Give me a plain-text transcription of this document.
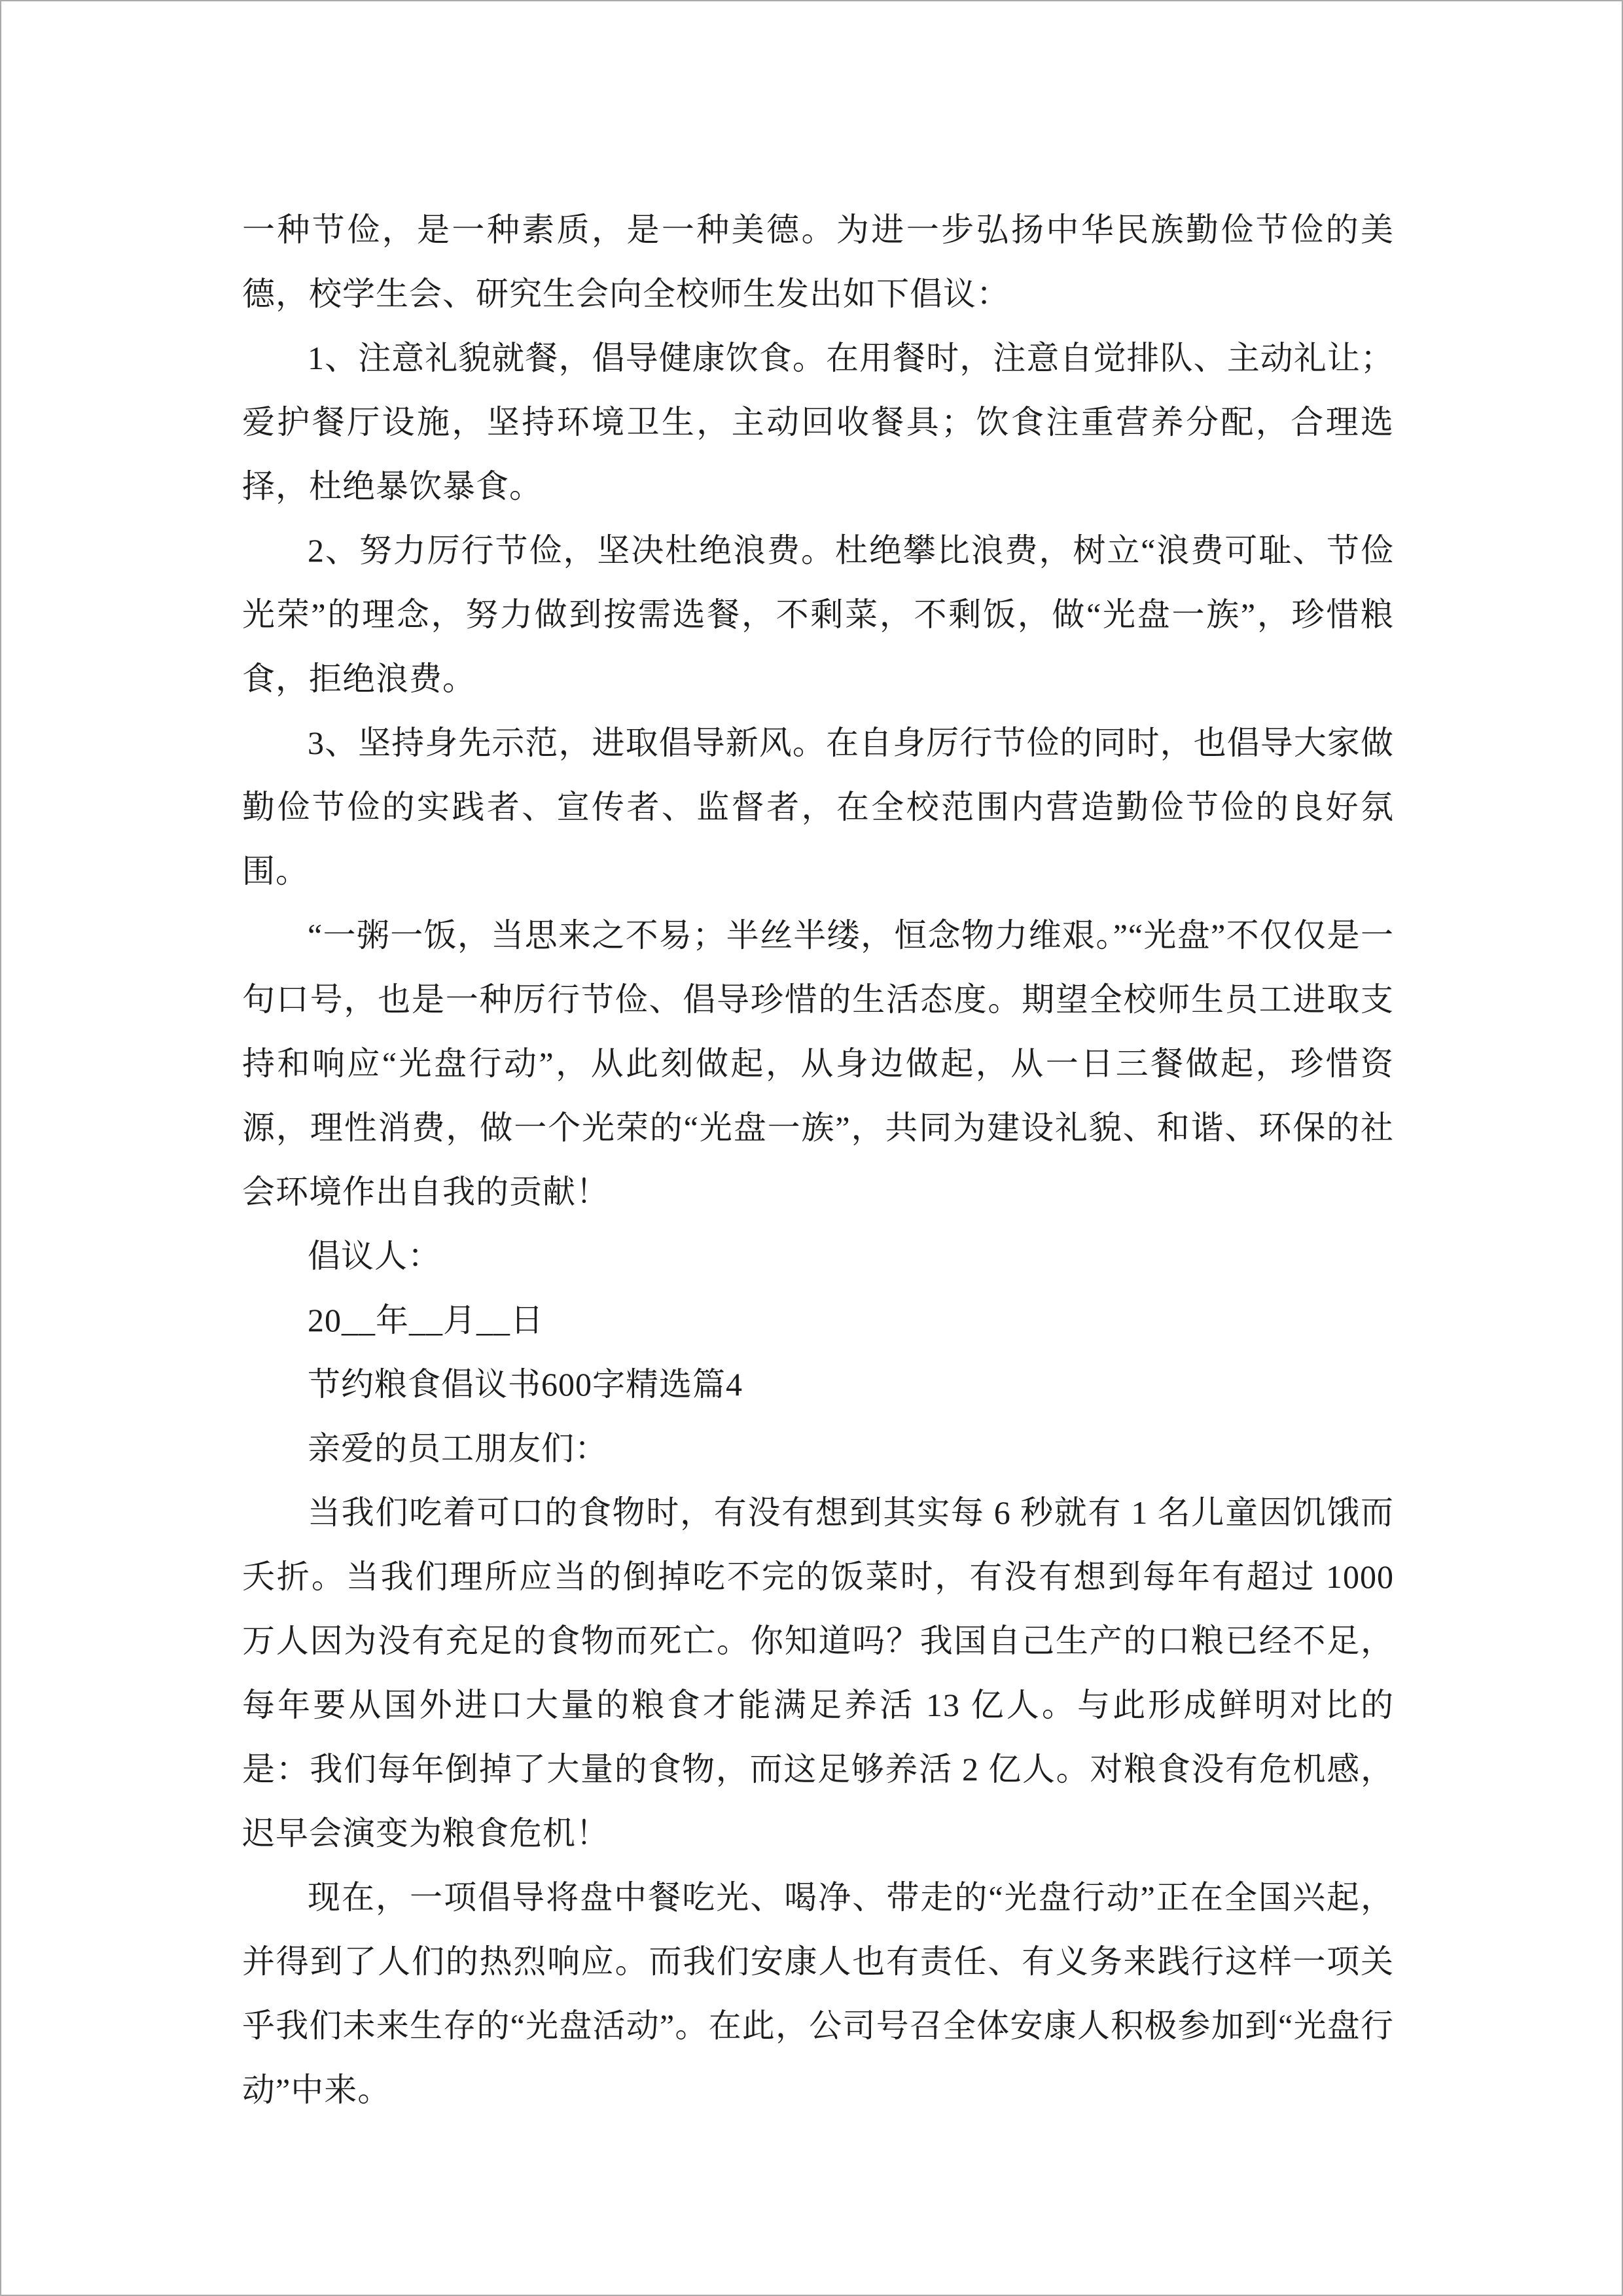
一种节俭，是一种素质，是一种美德。为进一步弘扬中华民族勤俭节俭的美德，校学生会、研究生会向全校师生发出如下倡议：

1、注意礼貌就餐，倡导健康饮食。在用餐时，注意自觉排队、主动礼让；爱护餐厅设施，坚持环境卫生，主动回收餐具；饮食注重营养分配，合理选择，杜绝暴饮暴食。

2、努力厉行节俭，坚决杜绝浪费。杜绝攀比浪费，树立“浪费可耻、节俭光荣”的理念，努力做到按需选餐，不剩菜，不剩饭，做“光盘一族”，珍惜粮食，拒绝浪费。

3、坚持身先示范，进取倡导新风。在自身厉行节俭的同时，也倡导大家做勤俭节俭的实践者、宣传者、监督者，在全校范围内营造勤俭节俭的良好氛围。

“一粥一饭，当思来之不易；半丝半缕，恒念物力维艰。”“光盘”不仅仅是一句口号，也是一种厉行节俭、倡导珍惜的生活态度。期望全校师生员工进取支持和响应“光盘行动”，从此刻做起，从身边做起，从一日三餐做起，珍惜资源，理性消费，做一个光荣的“光盘一族”，共同为建设礼貌、和谐、环保的社会环境作出自我的贡献！

倡议人：

20__年__月__日

节约粮食倡议书600字精选篇4

亲爱的员工朋友们：

当我们吃着可口的食物时，有没有想到其实每 6 秒就有 1 名儿童因饥饿而夭折。当我们理所应当的倒掉吃不完的饭菜时，有没有想到每年有超过 1000 万人因为没有充足的食物而死亡。你知道吗？我国自己生产的口粮已经不足，每年要从国外进口大量的粮食才能满足养活 13 亿人。与此形成鲜明对比的是：我们每年倒掉了大量的食物，而这足够养活 2 亿人。对粮食没有危机感，迟早会演变为粮食危机！

现在，一项倡导将盘中餐吃光、喝净、带走的“光盘行动”正在全国兴起，并得到了人们的热烈响应。而我们安康人也有责任、有义务来践行这样一项关乎我们未来生存的“光盘活动”。在此，公司号召全体安康人积极参加到“光盘行动”中来。
